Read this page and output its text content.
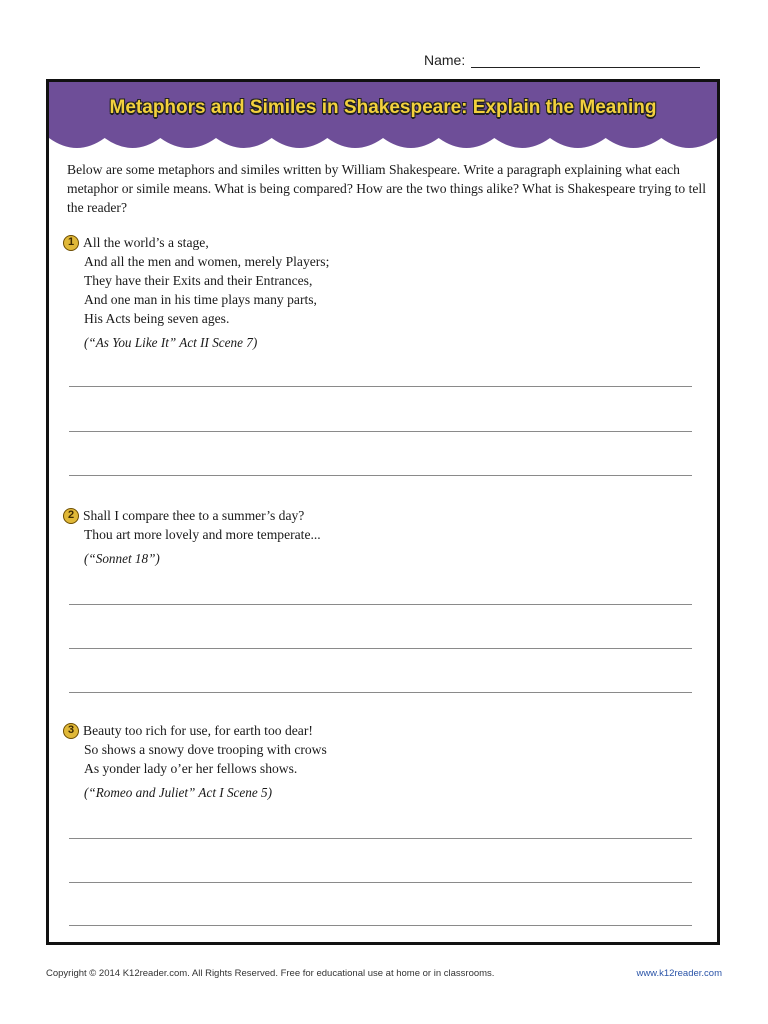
Name:
Metaphors and Similes in Shakespeare: Explain the Meaning
Below are some metaphors and similes written by William Shakespeare. Write a paragraph explaining what each metaphor or simile means. What is being compared? How are the two things alike? What is Shakespeare trying to tell the reader?
1 All the world’s a stage,
And all the men and women, merely Players;
They have their Exits and their Entrances,
And one man in his time plays many parts,
His Acts being seven ages.
(“As You Like It” Act II Scene 7)
2 Shall I compare thee to a summer’s day?
Thou art more lovely and more temperate...
(“Sonnet 18”)
3 Beauty too rich for use, for earth too dear!
So shows a snowy dove trooping with crows
As yonder lady o’er her fellows shows.
(“Romeo and Juliet” Act I Scene 5)
Copyright © 2014 K12reader.com. All Rights Reserved. Free for educational use at home or in classrooms.	www.k12reader.com
